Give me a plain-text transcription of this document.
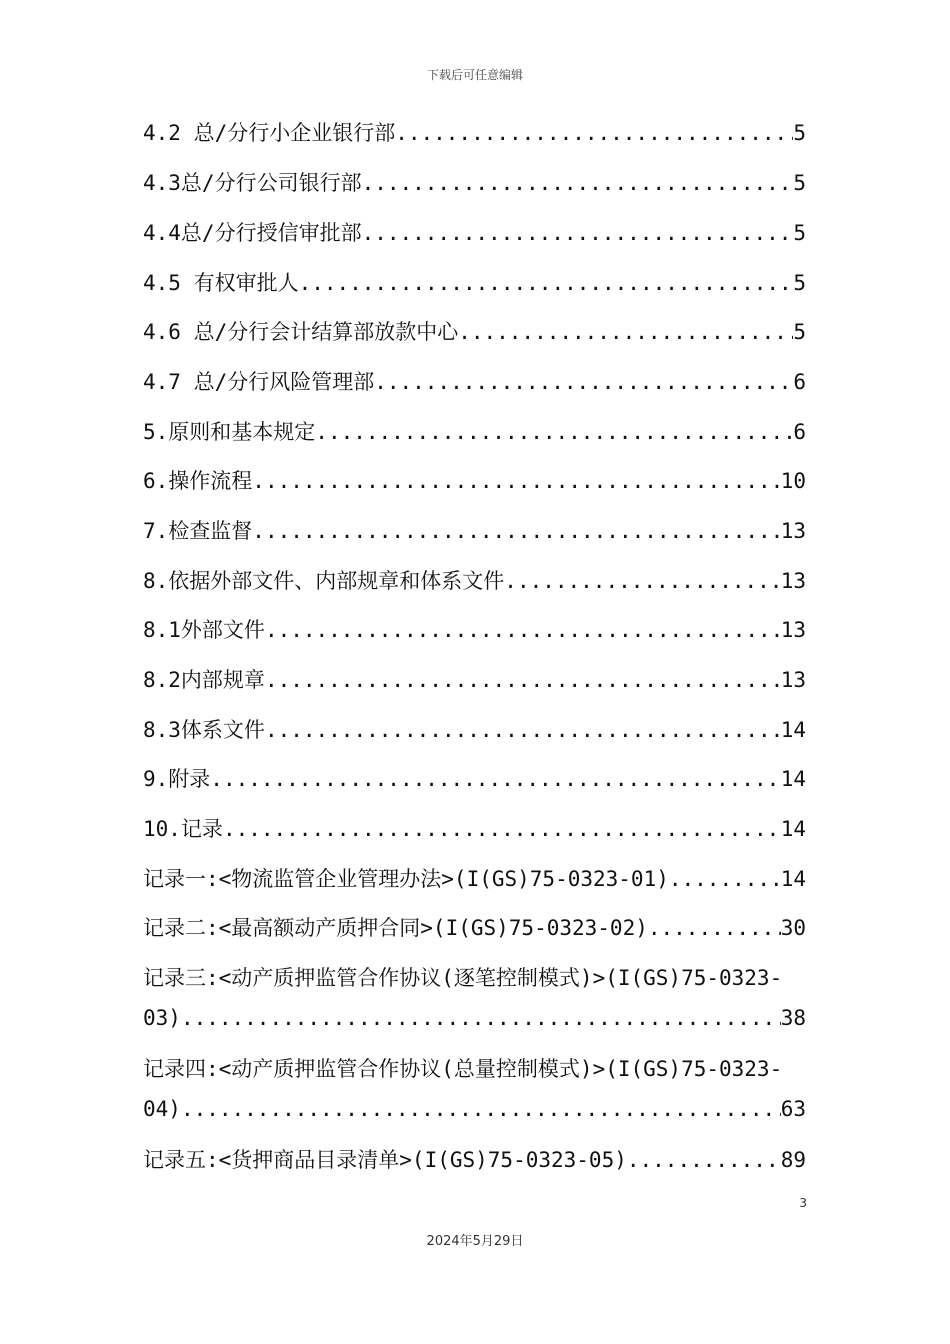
下载后可任意编辑
4.2 总/分行小企业银行部 .....	5
4.3总/分行公司银行部 .....	5
4.4总/分行授信审批部 .....	5
4.5 有权审批人 .....	5
4.6 总/分行会计结算部放款中心 .....	5
4.7 总/分行风险管理部 .....	6
5.原则和基本规定 .....	6
6.操作流程 .....	10
7.检查监督 .....	13
8.依据外部文件、内部规章和体系文件 .....	13
8.1外部文件 .....	13
8.2内部规章 .....	13
8.3体系文件 .....	14
9.附录 .....	14
10.记录 .....	14
记录一:<物流监管企业管理办法>(I(GS)75-0323-01) .....	14
记录二:<最高额动产质押合同>(I(GS)75-0323-02) .....	30
记录三:<动产质押监管合作协议(逐笔控制模式)>(I(GS)75-0323-
03) .....	38
记录四:<动产质押监管合作协议(总量控制模式)>(I(GS)75-0323-
04) .....	63
记录五:<货押商品目录清单>(I(GS)75-0323-05) .....	89
3
2024年5月29日
